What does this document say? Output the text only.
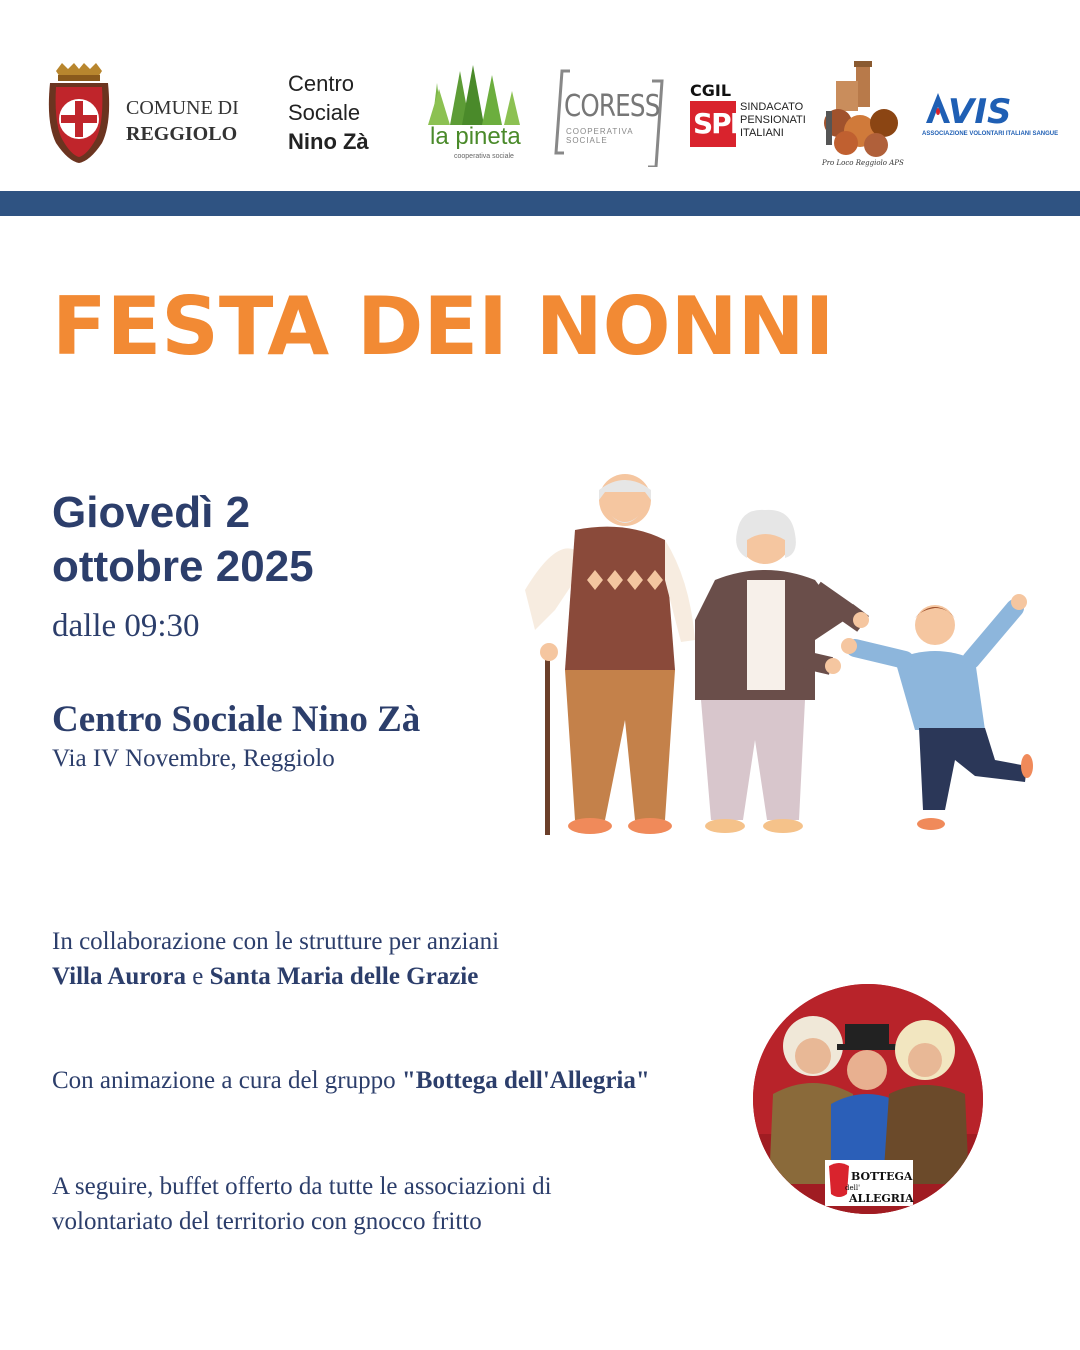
COMUNE DI
REGGIOLO
Centro
Sociale
Nino Zà	la pineta
cooperativa sociale
CORESS
COOPERATIVA SOCIALE
CGIL
SPI SINDACATO
PENSIONATI
ITALIANI
Pro Loco Reggiolo APS
VIS
ASSOCIAZIONE VOLONTARI ITALIANI SANGUE
FESTA DEI NONNI
Giovedì 2
ottobre 2025
dalle 09:30
Centro Sociale Nino Zà
Via IV Novembre, Reggiolo
In collaborazione con le strutture per anziani
Villa Aurora e Santa Maria delle Grazie
Con animazione a cura del gruppo "Bottega dell'Allegria"
A seguire, buffet offerto da tutte le associazioni di
volontariato del territorio con gnocco fritto
BOTTEGA
dell'
ALLEGRIA
